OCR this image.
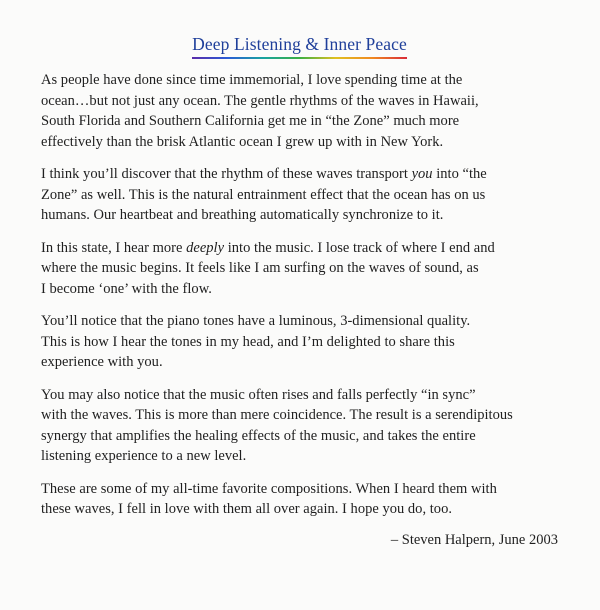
Deep Listening & Inner Peace

As people have done since time immemorial, I love spending time at the
ocean…but not just any ocean. The gentle rhythms of the waves in Hawaii,
South Florida and Southern California get me in “the Zone” much more
effectively than the brisk Atlantic ocean I grew up with in New York.

I think you’ll discover that the rhythm of these waves transport you into “the
Zone” as well. This is the natural entrainment effect that the ocean has on us
humans. Our heartbeat and breathing automatically synchronize to it.

In this state, I hear more deeply into the music. I lose track of where I end and
where the music begins. It feels like I am surfing on the waves of sound, as
I become ‘one’ with the flow.

You’ll notice that the piano tones have a luminous, 3-dimensional quality.
This is how I hear the tones in my head, and I’m delighted to share this
experience with you.

You may also notice that the music often rises and falls perfectly “in sync”
with the waves. This is more than mere coincidence. The result is a serendipitous
synergy that amplifies the healing effects of the music, and takes the entire
listening experience to a new level.

These are some of my all-time favorite compositions. When I heard them with
these waves, I fell in love with them all over again. I hope you do, too.

– Steven Halpern, June 2003
